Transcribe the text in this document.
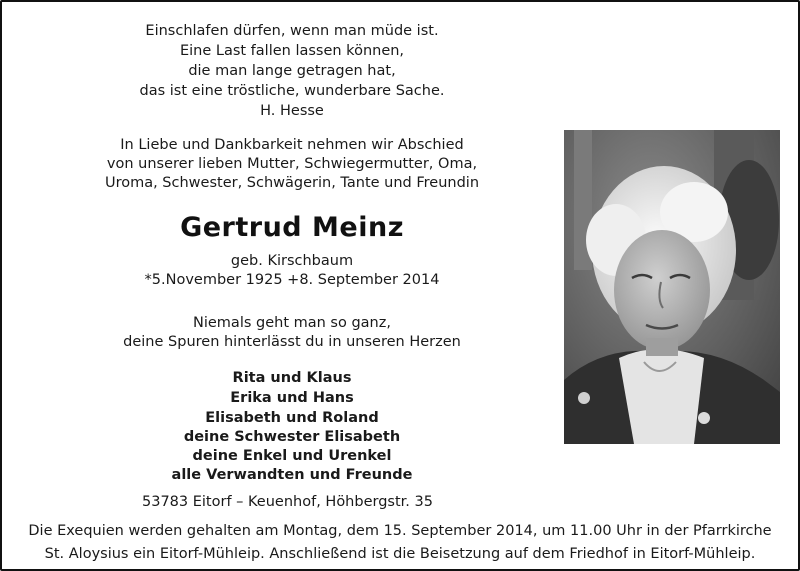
Einschlafen dürfen, wenn man müde ist.
Eine Last fallen lassen können,
die man lange getragen hat,
das ist eine tröstliche, wunderbare Sache.
H. Hesse
In Liebe und Dankbarkeit nehmen wir Abschied
von unserer lieben Mutter, Schwiegermutter, Oma,
Uroma, Schwester, Schwägerin, Tante und Freundin
Gertrud Meinz
geb. Kirschbaum
*5.November 1925 +8. September 2014
Niemals geht man so ganz,
deine Spuren hinterlässt du in unseren Herzen
Rita und Klaus
Erika und Hans
Elisabeth und Roland
deine Schwester Elisabeth
deine Enkel und Urenkel
alle Verwandten und Freunde
53783 Eitorf – Keuenhof, Höhbergstr. 35
Die Exequien werden gehalten am Montag, dem 15. September 2014, um 11.00 Uhr in der Pfarrkirche
St. Aloysius ein Eitorf-Mühleip. Anschließend ist die Beisetzung auf dem Friedhof in Eitorf-Mühleip.
